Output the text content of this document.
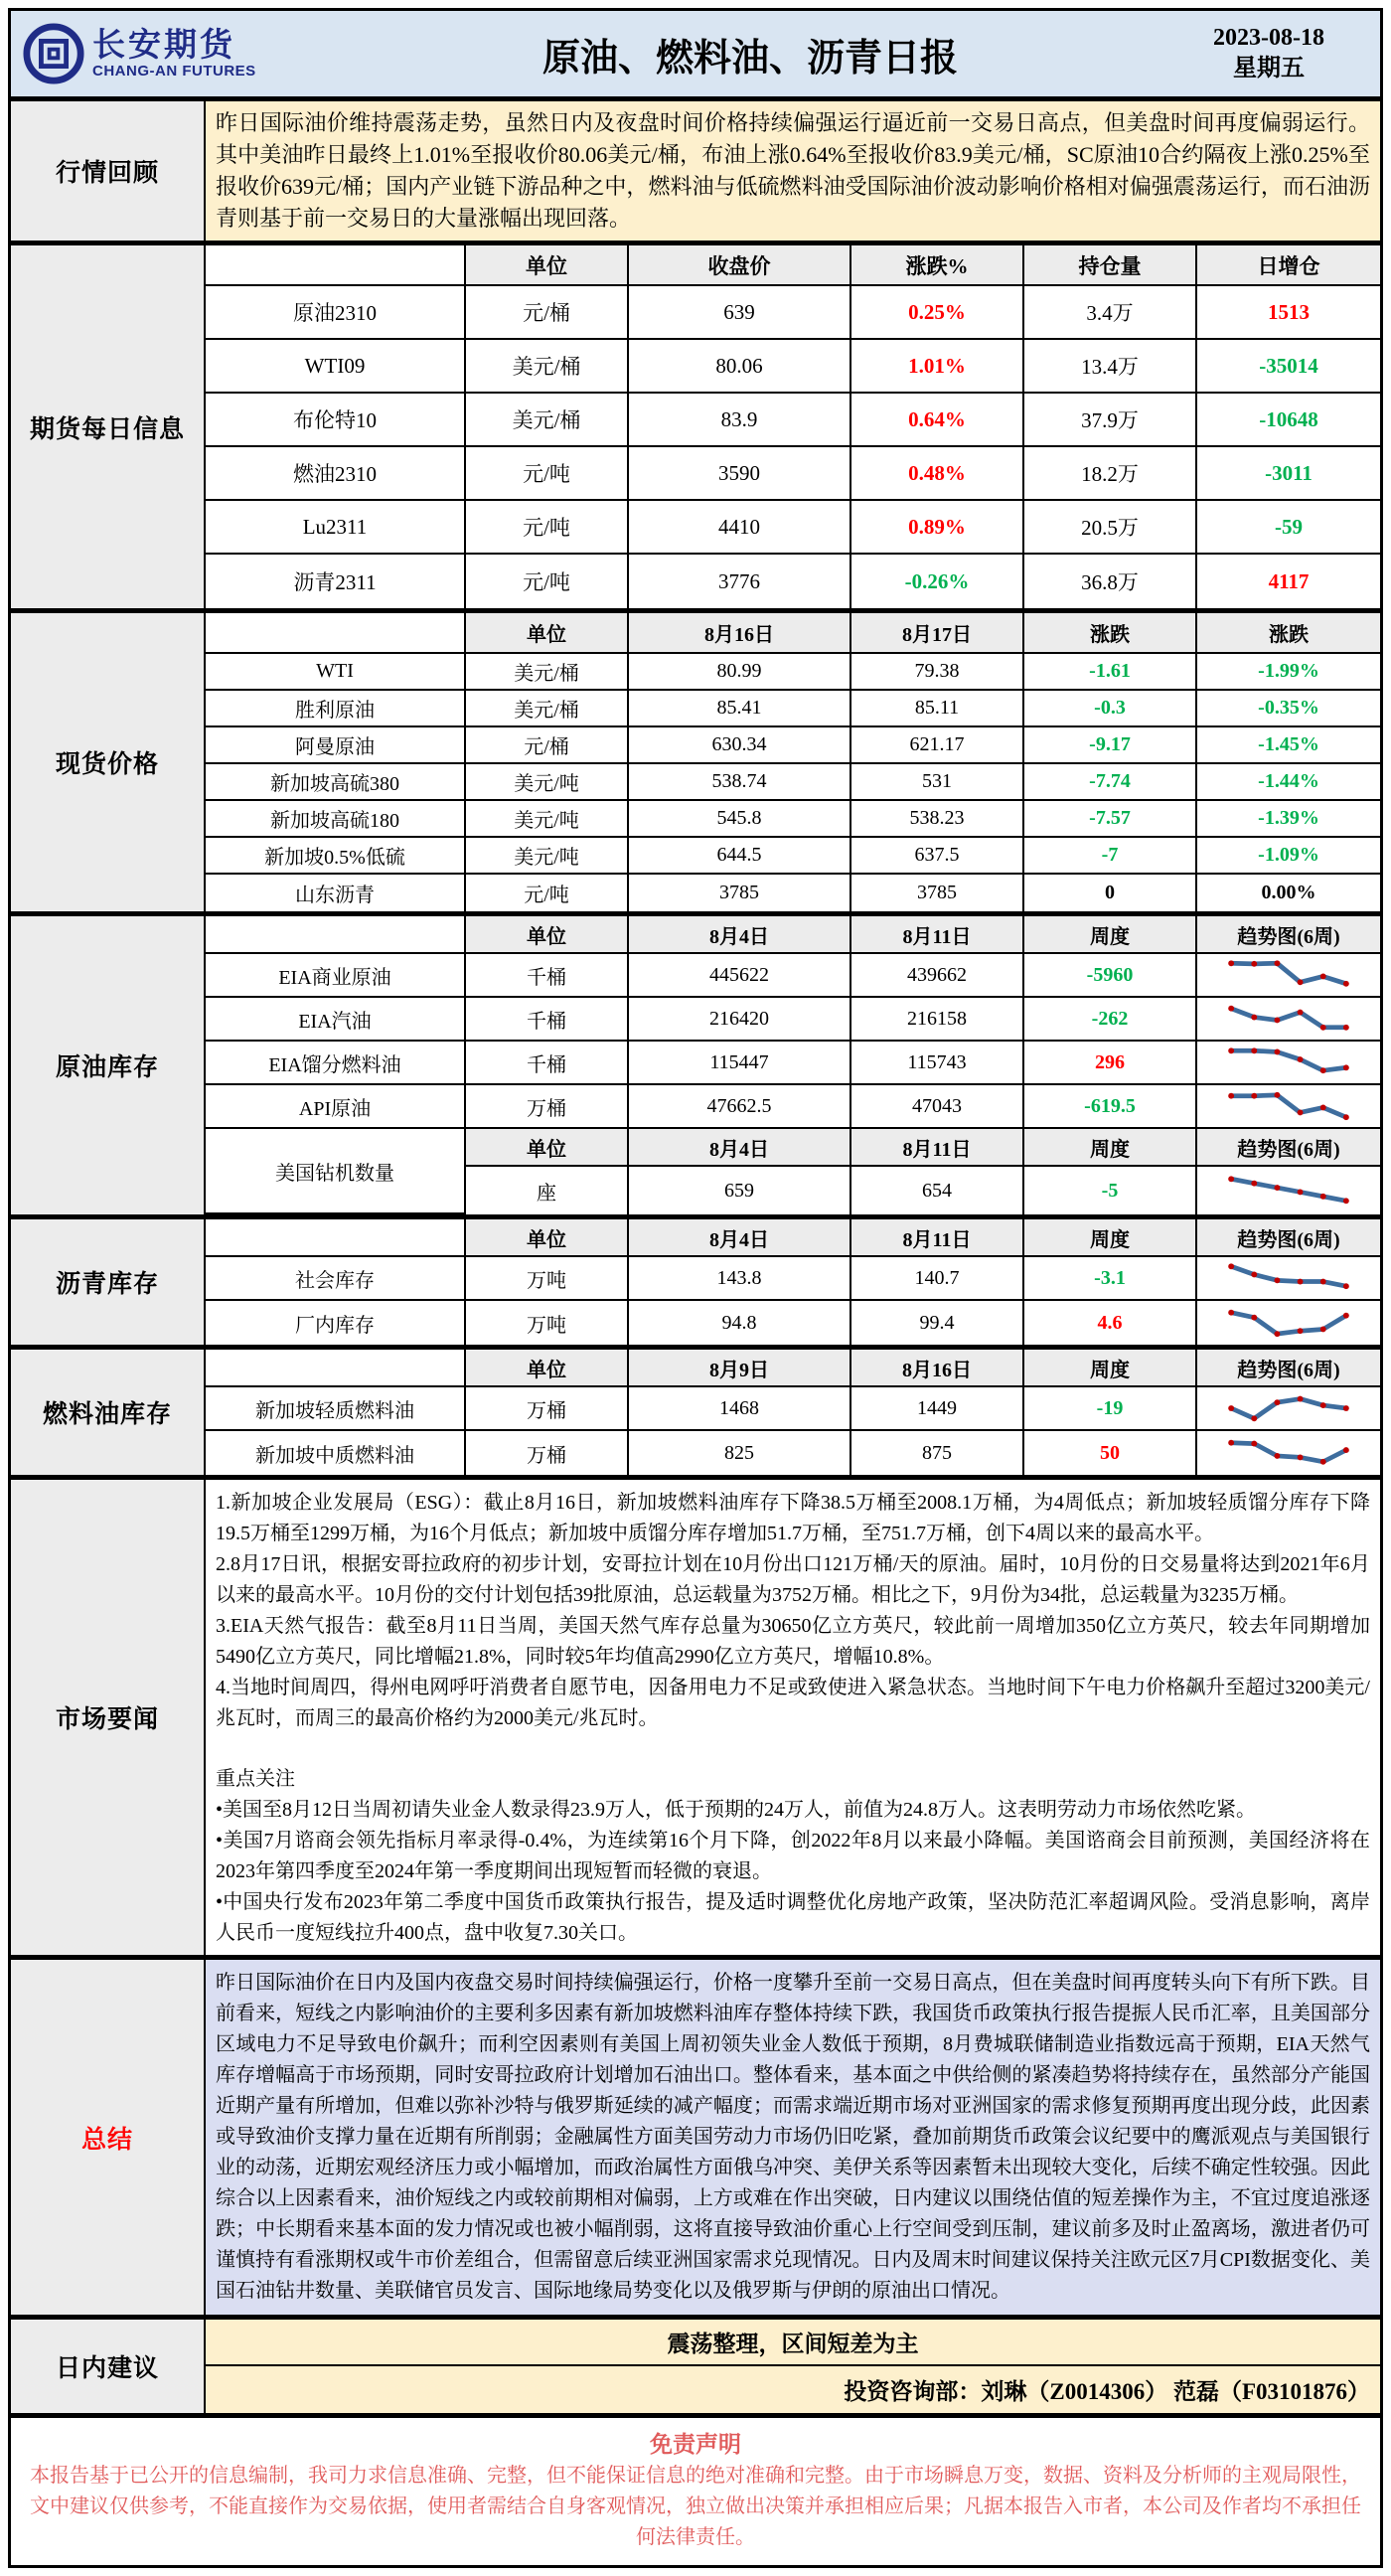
长安期货
CHANG-AN FUTURES	原油、燃料油、沥青日报	2023-08-18
星期五
行情回顾
昨日国际油价维持震荡走势，虽然日内及夜盘时间价格持续偏强运行逼近前一交易日高点，但美盘时间再度偏弱运行。其中美油昨日最终上1.01%至报收价80.06美元/桶，布油上涨0.64%至报收价83.9美元/桶，SC原油10合约隔夜上涨0.25%至报收价639元/桶；国内产业链下游品种之中，燃料油与低硫燃料油受国际油价波动影响价格相对偏强震荡运行，而石油沥青则基于前一交易日的大量涨幅出现回落。
期货每日信息
单位	收盘价	涨跌%	持仓量	日增仓
原油2310	元/桶	639	0.25%	3.4万	1513
WTI09	美元/桶	80.06	1.01%	13.4万	-35014
布伦特10	美元/桶	83.9	0.64%	37.9万	-10648
燃油2310	元/吨	3590	0.48%	18.2万	-3011
Lu2311	元/吨	4410	0.89%	20.5万	-59
沥青2311	元/吨	3776	-0.26%	36.8万	4117
现货价格
单位	8月16日	8月17日	涨跌	涨跌
WTI	美元/桶	80.99	79.38	-1.61	-1.99%
胜利原油	美元/桶	85.41	85.11	-0.3	-0.35%
阿曼原油	元/桶	630.34	621.17	-9.17	-1.45%
新加坡高硫380	美元/吨	538.74	531	-7.74	-1.44%
新加坡高硫180	美元/吨	545.8	538.23	-7.57	-1.39%
新加坡0.5%低硫	美元/吨	644.5	637.5	-7	-1.09%
山东沥青	元/吨	3785	3785	0	0.00%
原油库存
单位	8月4日	8月11日	周度	趋势图(6周)
EIA商业原油	千桶	445622	439662	-5960
EIA汽油	千桶	216420	216158	-262
EIA馏分燃料油	千桶	115447	115743	296
API原油	万桶	47662.5	47043	-619.5
美国钻机数量
单位	8月4日	8月11日	周度	趋势图(6周)
座	659	654	-5
沥青库存
单位	8月4日	8月11日	周度	趋势图(6周)
社会库存	万吨	143.8	140.7	-3.1
厂内库存	万吨	94.8	99.4	4.6
燃料油库存
单位	8月9日	8月16日	周度	趋势图(6周)
新加坡轻质燃料油	万桶	1468	1449	-19
新加坡中质燃料油	万桶	825	875	50
市场要闻

1.新加坡企业发展局（ESG）：截止8月16日，新加坡燃料油库存下降38.5万桶至2008.1万桶，为4周低点；新加坡轻质馏分库存下降19.5万桶至1299万桶，为16个月低点；新加坡中质馏分库存增加51.7万桶，至751.7万桶，创下4周以来的最高水平。

2.8月17日讯，根据安哥拉政府的初步计划，安哥拉计划在10月份出口121万桶/天的原油。届时，10月份的日交易量将达到2021年6月以来的最高水平。10月份的交付计划包括39批原油，总运载量为3752万桶。相比之下，9月份为34批，总运载量为3235万桶。

3.EIA天然气报告：截至8月11日当周，美国天然气库存总量为30650亿立方英尺，较此前一周增加350亿立方英尺，较去年同期增加5490亿立方英尺，同比增幅21.8%，同时较5年均值高2990亿立方英尺，增幅10.8%。

4.当地时间周四，得州电网呼吁消费者自愿节电，因备用电力不足或致使进入紧急状态。当地时间下午电力价格飙升至超过3200美元/兆瓦时，而周三的最高价格约为2000美元/兆瓦时。

重点关注

•美国至8月12日当周初请失业金人数录得23.9万人，低于预期的24万人，前值为24.8万人。这表明劳动力市场依然吃紧。

•美国7月谘商会领先指标月率录得-0.4%，为连续第16个月下降，创2022年8月以来最小降幅。美国谘商会目前预测，美国经济将在2023年第四季度至2024年第一季度期间出现短暂而轻微的衰退。

•中国央行发布2023年第二季度中国货币政策执行报告，提及适时调整优化房地产政策，坚决防范汇率超调风险。受消息影响，离岸人民币一度短线拉升400点，盘中收复7.30关口。

总结
昨日国际油价在日内及国内夜盘交易时间持续偏强运行，价格一度攀升至前一交易日高点，但在美盘时间再度转头向下有所下跌。目前看来，短线之内影响油价的主要利多因素有新加坡燃料油库存整体持续下跌，我国货币政策执行报告提振人民币汇率，且美国部分区域电力不足导致电价飙升；而利空因素则有美国上周初领失业金人数低于预期，8月费城联储制造业指数远高于预期，EIA天然气库存增幅高于市场预期，同时安哥拉政府计划增加石油出口。整体看来，基本面之中供给侧的紧凑趋势将持续存在，虽然部分产能国近期产量有所增加，但难以弥补沙特与俄罗斯延续的减产幅度；而需求端近期市场对亚洲国家的需求修复预期再度出现分歧，此因素或导致油价支撑力量在近期有所削弱；金融属性方面美国劳动力市场仍旧吃紧，叠加前期货币政策会议纪要中的鹰派观点与美国银行业的动荡，近期宏观经济压力或小幅增加，而政治属性方面俄乌冲突、美伊关系等因素暂未出现较大变化，后续不确定性较强。因此综合以上因素看来，油价短线之内或较前期相对偏弱，上方或难在作出突破，日内建议以围绕估值的短差操作为主，不宜过度追涨逐跌；中长期看来基本面的发力情况或也被小幅削弱，这将直接导致油价重心上行空间受到压制，建议前多及时止盈离场，激进者仍可谨慎持有看涨期权或牛市价差组合，但需留意后续亚洲国家需求兑现情况。日内及周末时间建议保持关注欧元区7月CPI数据变化、美国石油钻井数量、美联储官员发言、国际地缘局势变化以及俄罗斯与伊朗的原油出口情况。
日内建议
震荡整理，区间短差为主
投资咨询部：刘琳（Z0014306） 范磊（F03101876）
免责声明
本报告基于已公开的信息编制，我司力求信息准确、完整，但不能保证信息的绝对准确和完整。由于市场瞬息万变，数据、资料及分析师的主观局限性，文中建议仅供参考，不能直接作为交易依据，使用者需结合自身客观情况，独立做出决策并承担相应后果；凡据本报告入市者，本公司及作者均不承担任何法律责任。
